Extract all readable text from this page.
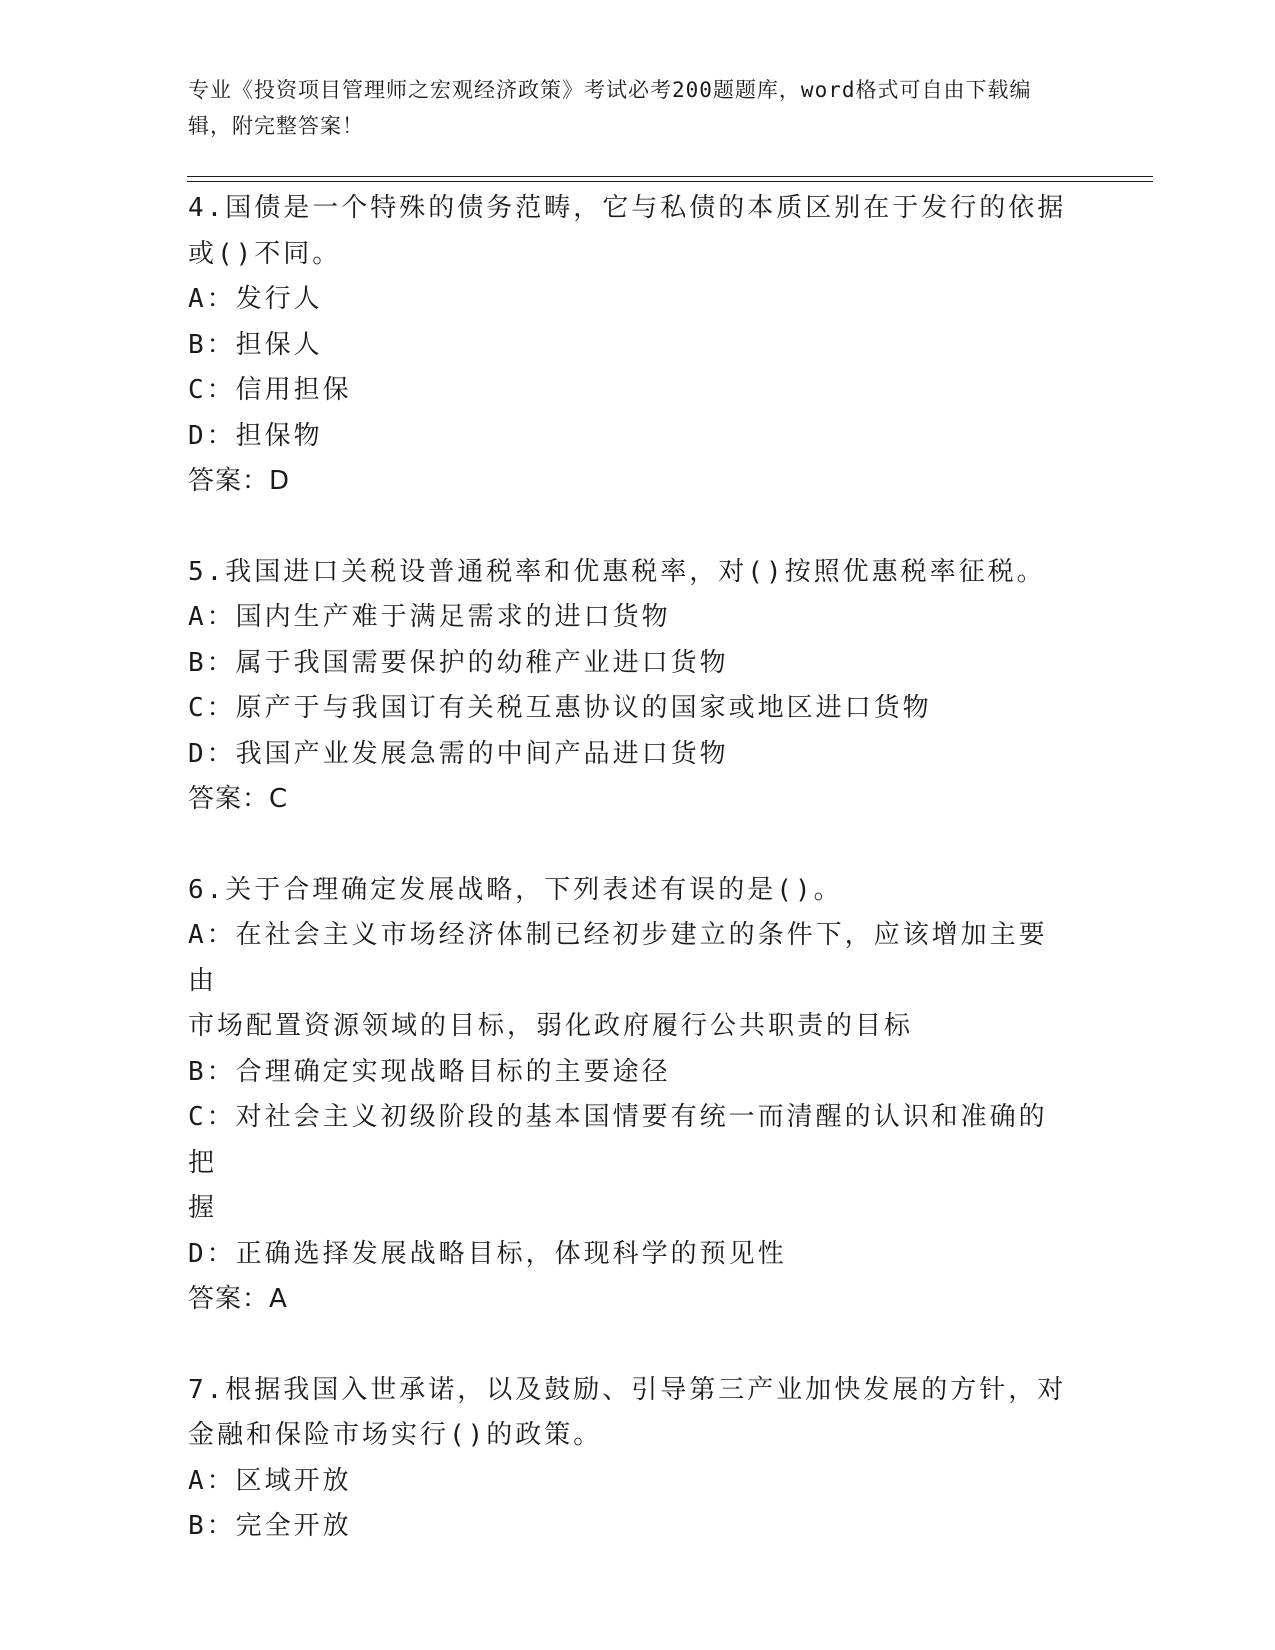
专业《投资项目管理师之宏观经济政策》考试必考200题题库，word格式可自由下载编辑，附完整答案！
4.国债是一个特殊的债务范畴，它与私债的本质区别在于发行的依据
或()不同。
A：发行人
B：担保人
C：信用担保
D：担保物
答案：D
5.我国进口关税设普通税率和优惠税率，对()按照优惠税率征税。
A：国内生产难于满足需求的进口货物
B：属于我国需要保护的幼稚产业进口货物
C：原产于与我国订有关税互惠协议的国家或地区进口货物
D：我国产业发展急需的中间产品进口货物
答案：C
6.关于合理确定发展战略，下列表述有误的是()。
A：在社会主义市场经济体制已经初步建立的条件下，应该增加主要由
市场配置资源领域的目标，弱化政府履行公共职责的目标
B：合理确定实现战略目标的主要途径
C：对社会主义初级阶段的基本国情要有统一而清醒的认识和准确的把
握
D：正确选择发展战略目标，体现科学的预见性
答案：A
7.根据我国入世承诺，以及鼓励、引导第三产业加快发展的方针，对
金融和保险市场实行()的政策。
A：区域开放
B：完全开放
